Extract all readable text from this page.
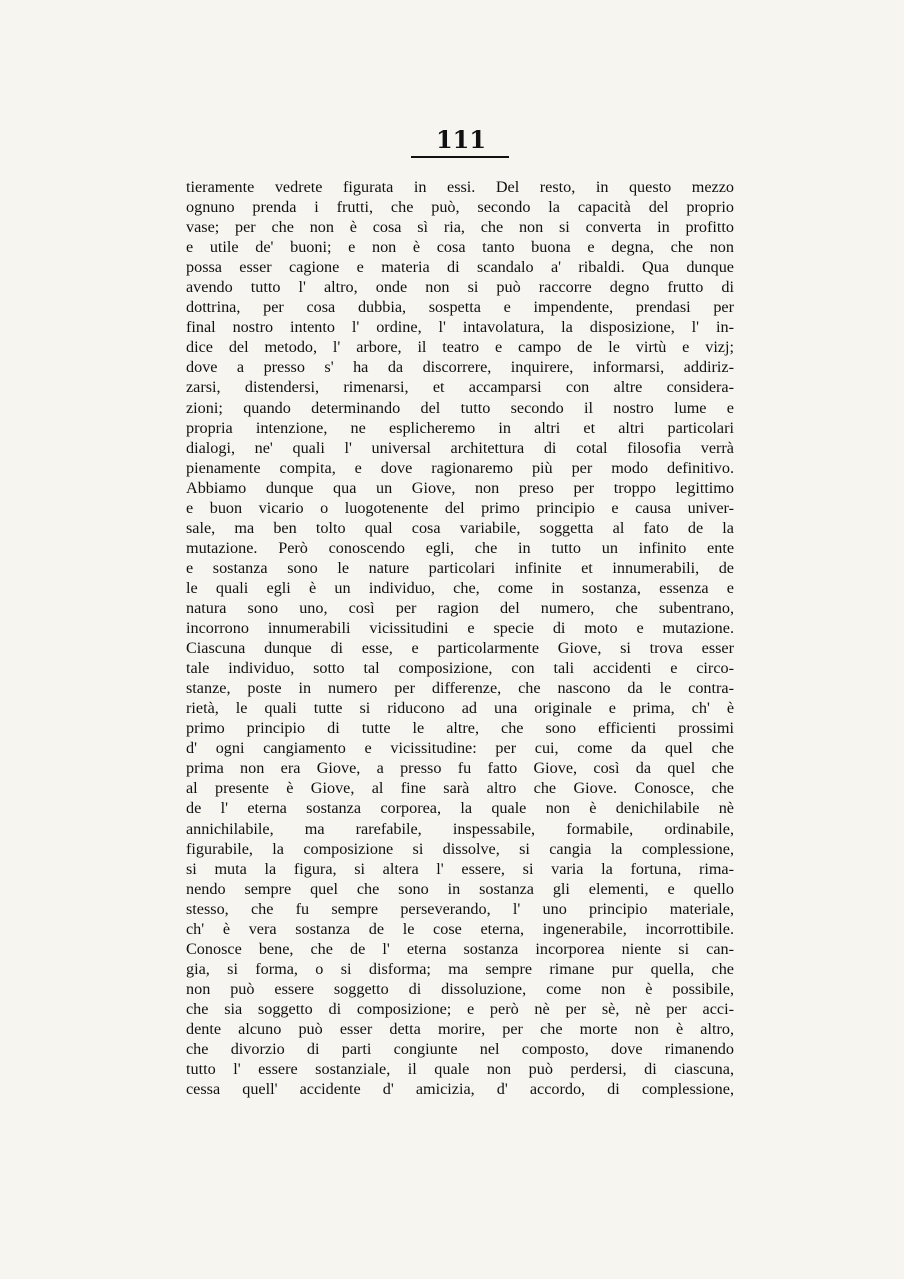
111
tieramente vedrete figurata in essi. Del resto, in questo mezzo
ognuno prenda i frutti, che può, secondo la capacità del proprio
vase; per che non è cosa sì ria, che non si converta in profitto
e utile de' buoni; e non è cosa tanto buona e degna, che non
possa esser cagione e materia di scandalo a' ribaldi. Qua dunque
avendo tutto l' altro, onde non si può raccorre degno frutto di
dottrina, per cosa dubbia, sospetta e impendente, prendasi per
final nostro intento l' ordine, l' intavolatura, la disposizione, l' in-
dice del metodo, l' arbore, il teatro e campo de le virtù e vizj;
dove a presso s' ha da discorrere, inquirere, informarsi, addiriz-
zarsi, distendersi, rimenarsi, et accamparsi con altre considera-
zioni; quando determinando del tutto secondo il nostro lume e
propria intenzione, ne esplicheremo in altri et altri particolari
dialogi, ne' quali l' universal architettura di cotal filosofia verrà
pienamente compita, e dove ragionaremo più per modo definitivo.
Abbiamo dunque qua un Giove, non preso per troppo legittimo
e buon vicario o luogotenente del primo principio e causa univer-
sale, ma ben tolto qual cosa variabile, soggetta al fato de la
mutazione. Però conoscendo egli, che in tutto un infinito ente
e sostanza sono le nature particolari infinite et innumerabili, de
le quali egli è un individuo, che, come in sostanza, essenza e
natura sono uno, così per ragion del numero, che subentrano,
incorrono innumerabili vicissitudini e specie di moto e mutazione.
Ciascuna dunque di esse, e particolarmente Giove, si trova esser
tale individuo, sotto tal composizione, con tali accidenti e circo-
stanze, poste in numero per differenze, che nascono da le contra-
rietà, le quali tutte si riducono ad una originale e prima, ch' è
primo principio di tutte le altre, che sono efficienti prossimi
d' ogni cangiamento e vicissitudine: per cui, come da quel che
prima non era Giove, a presso fu fatto Giove, così da quel che
al presente è Giove, al fine sarà altro che Giove. Conosce, che
de l' eterna sostanza corporea, la quale non è denichilabile nè
annichilabile, ma rarefabile, inspessabile, formabile, ordinabile,
figurabile, la composizione si dissolve, si cangia la complessione,
si muta la figura, si altera l' essere, si varia la fortuna, rima-
nendo sempre quel che sono in sostanza gli elementi, e quello
stesso, che fu sempre perseverando, l' uno principio materiale,
ch' è vera sostanza de le cose eterna, ingenerabile, incorrottibile.
Conosce bene, che de l' eterna sostanza incorporea niente si can-
gia, si forma, o si disforma; ma sempre rimane pur quella, che
non può essere soggetto di dissoluzione, come non è possibile,
che sia soggetto di composizione; e però nè per sè, nè per acci-
dente alcuno può esser detta morire, per che morte non è altro,
che divorzio di parti congiunte nel composto, dove rimanendo
tutto l' essere sostanziale, il quale non può perdersi, di ciascuna,
cessa quell' accidente d' amicizia, d' accordo, di complessione,
